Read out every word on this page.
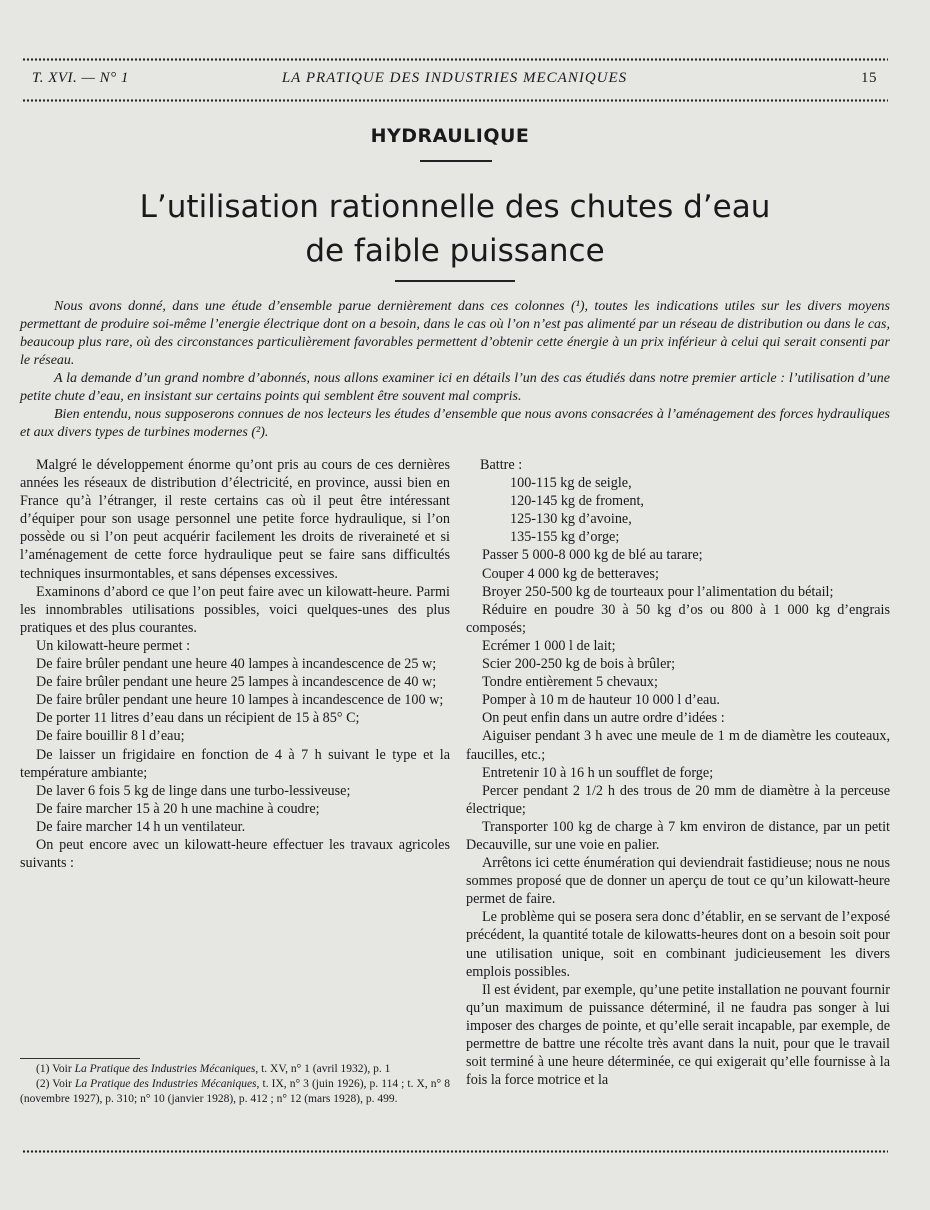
T. XVI. — N° 1	LA PRATIQUE DES INDUSTRIES MECANIQUES	15
HYDRAULIQUE
L’utilisation rationnelle des chutes d’eau
de faible puissance

Nous avons donné, dans une étude d’ensemble parue dernièrement dans ces colonnes (¹), toutes les indications utiles sur les divers moyens permettant de produire soi-même l’energie électrique dont on a besoin, dans le cas où l’on n’est pas alimenté par un réseau de distribution ou dans le cas, beaucoup plus rare, où des circonstances particulièrement favorables permettent d’obtenir cette énergie à un prix inférieur à celui qui serait consenti par le réseau.

A la demande d’un grand nombre d’abonnés, nous allons examiner ici en détails l’un des cas étudiés dans notre premier article : l’utilisation d’une petite chute d’eau, en insistant sur certains points qui semblent être souvent mal compris.

Bien entendu, nous supposerons connues de nos lecteurs les études d’ensemble que nous avons consacrées à l’aménagement des forces hydrauliques et aux divers types de turbines modernes (²).

Malgré le développement énorme qu’ont pris au cours de ces dernières années les réseaux de distribution d’électricité, en province, aussi bien en France qu’à l’étranger, il reste certains cas où il peut être intéressant d’équiper pour son usage personnel une petite force hydraulique, si l’on possède ou si l’on peut acquérir facilement les droits de riveraineté et si l’aménagement de cette force hydraulique peut se faire sans difficultés techniques insurmontables, et sans dépenses excessives.

Examinons d’abord ce que l’on peut faire avec un kilowatt-heure. Parmi les innombrables utilisations possibles, voici quelques-unes des plus pratiques et des plus courantes.

Un kilowatt-heure permet :

De faire brûler pendant une heure 40 lampes à incandescence de 25 w;

De faire brûler pendant une heure 25 lampes à incandescence de 40 w;

De faire brûler pendant une heure 10 lampes à incandescence de 100 w;

De porter 11 litres d’eau dans un récipient de 15 à 85° C;

De faire bouillir 8 l d’eau;

De laisser un frigidaire en fonction de 4 à 7 h suivant le type et la température ambiante;

De laver 6 fois 5 kg de linge dans une turbo-lessiveuse;

De faire marcher 15 à 20 h une machine à coudre;

De faire marcher 14 h un ventilateur.

On peut encore avec un kilowatt-heure effectuer les travaux agricoles suivants :

Battre :

100-115 kg de seigle,

120-145 kg de froment,

125-130 kg d’avoine,

135-155 kg d’orge;

Passer 5 000-8 000 kg de blé au tarare;

Couper 4 000 kg de betteraves;

Broyer 250-500 kg de tourteaux pour l’alimentation du bétail;

Réduire en poudre 30 à 50 kg d’os ou 800 à 1 000 kg d’engrais composés;

Ecrémer 1 000 l de lait;

Scier 200-250 kg de bois à brûler;

Tondre entièrement 5 chevaux;

Pomper à 10 m de hauteur 10 000 l d’eau.

On peut enfin dans un autre ordre d’idées :

Aiguiser pendant 3 h avec une meule de 1 m de diamètre les couteaux, faucilles, etc.;

Entretenir 10 à 16 h un soufflet de forge;

Percer pendant 2 1/2 h des trous de 20 mm de diamètre à la perceuse électrique;

Transporter 100 kg de charge à 7 km environ de distance, par un petit Decauville, sur une voie en palier.

Arrêtons ici cette énumération qui deviendrait fastidieuse; nous ne nous sommes proposé que de donner un aperçu de tout ce qu’un kilowatt-heure permet de faire.

Le problème qui se posera sera donc d’établir, en se servant de l’exposé précédent, la quantité totale de kilowatts-heures dont on a besoin soit pour une utilisation unique, soit en combinant judicieusement les divers emplois possibles.

Il est évident, par exemple, qu’une petite installation ne pouvant fournir qu’un maximum de puissance déterminé, il ne faudra pas songer à lui imposer des charges de pointe, et qu’elle serait incapable, par exemple, de permettre de battre une récolte très avant dans la nuit, pour que le travail soit terminé à une heure déterminée, ce qui exigerait qu’elle fournisse à la fois la force motrice et la

(1) Voir La Pratique des Industries Mécaniques, t. XV, n° 1 (avril 1932), p. 1

(2) Voir La Pratique des Industries Mécaniques, t. IX, n° 3 (juin 1926), p. 114 ; t. X, n° 8 (novembre 1927), p. 310; n° 10 (janvier 1928), p. 412 ; n° 12 (mars 1928), p. 499.
